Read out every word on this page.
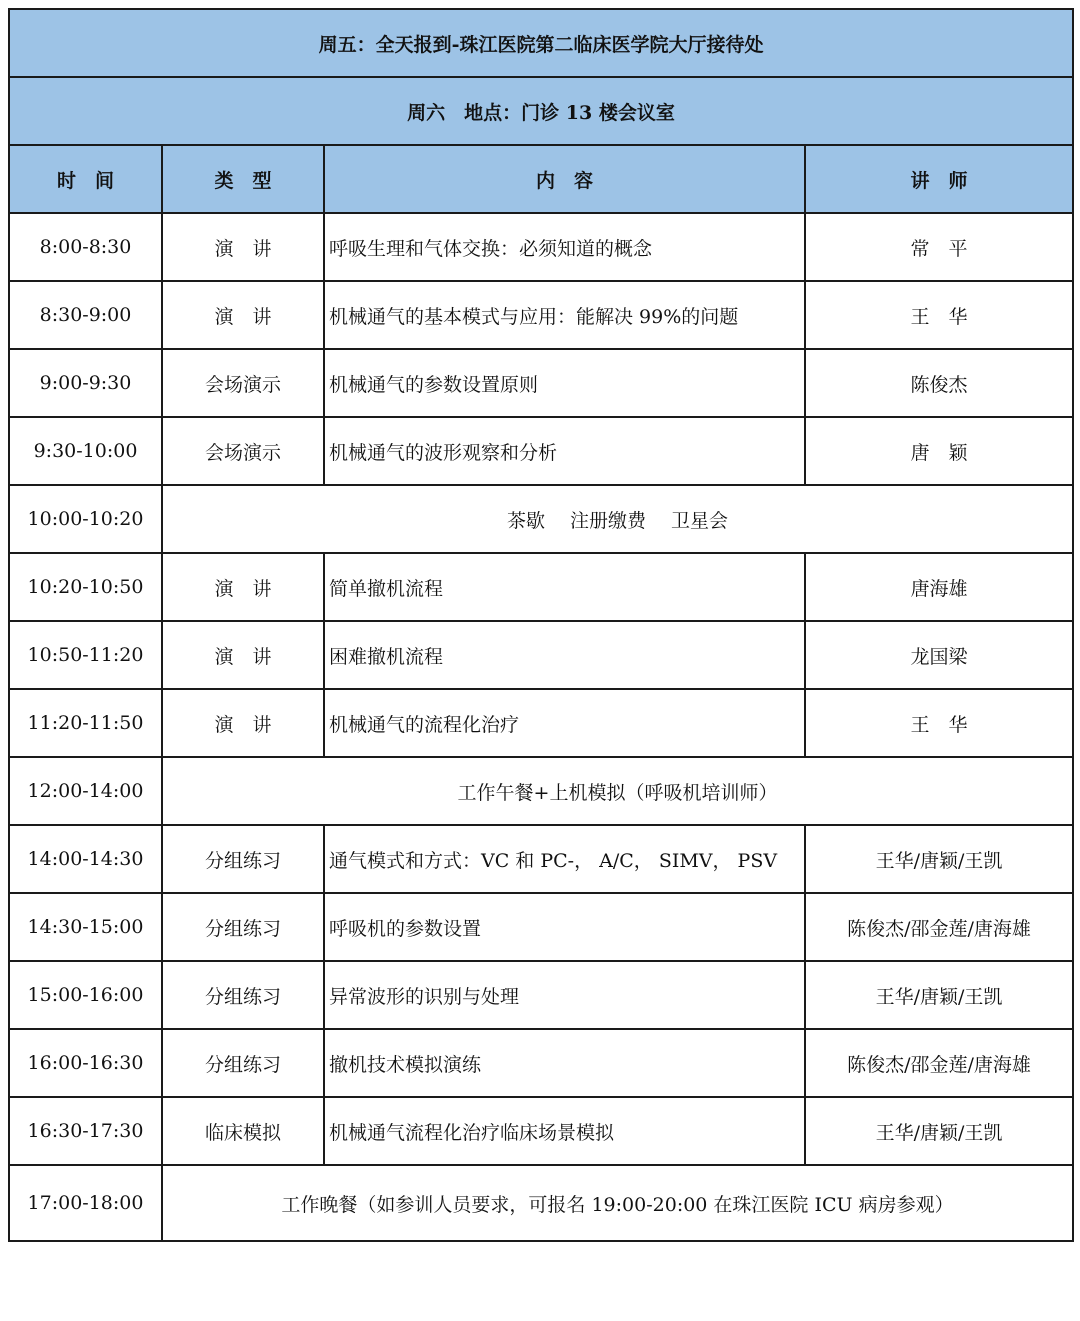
周五：全天报到-珠江医院第二临床医学院大厅接待处			
周六　地点：门诊 13 楼会议室			
时　间	类　型	内　容	讲　师
8:00-8:30	演　讲	呼吸生理和气体交换：必须知道的概念	常　平
8:30-9:00	演　讲	机械通气的基本模式与应用：能解决 99%的问题	王　华
9:00-9:30	会场演示	机械通气的参数设置原则	陈俊杰
9:30-10:00	会场演示	机械通气的波形观察和分析	唐　颖
10:00-10:20	茶歇　 注册缴费　 卫星会		
10:20-10:50	演　讲	简单撤机流程	唐海雄
10:50-11:20	演　讲	困难撤机流程	龙国梁
11:20-11:50	演　讲	机械通气的流程化治疗	王　华
12:00-14:00	工作午餐+上机模拟（呼吸机培训师）		
14:00-14:30	分组练习	通气模式和方式：VC 和 PC-， A/C， SIMV， PSV	王华/唐颖/王凯
14:30-15:00	分组练习	呼吸机的参数设置	陈俊杰/邵金莲/唐海雄
15:00-16:00	分组练习	异常波形的识别与处理	王华/唐颖/王凯
16:00-16:30	分组练习	撤机技术模拟演练	陈俊杰/邵金莲/唐海雄
16:30-17:30	临床模拟	机械通气流程化治疗临床场景模拟	王华/唐颖/王凯
17:00-18:00	工作晚餐（如参训人员要求，可报名 19:00-20:00 在珠江医院 ICU 病房参观）		
